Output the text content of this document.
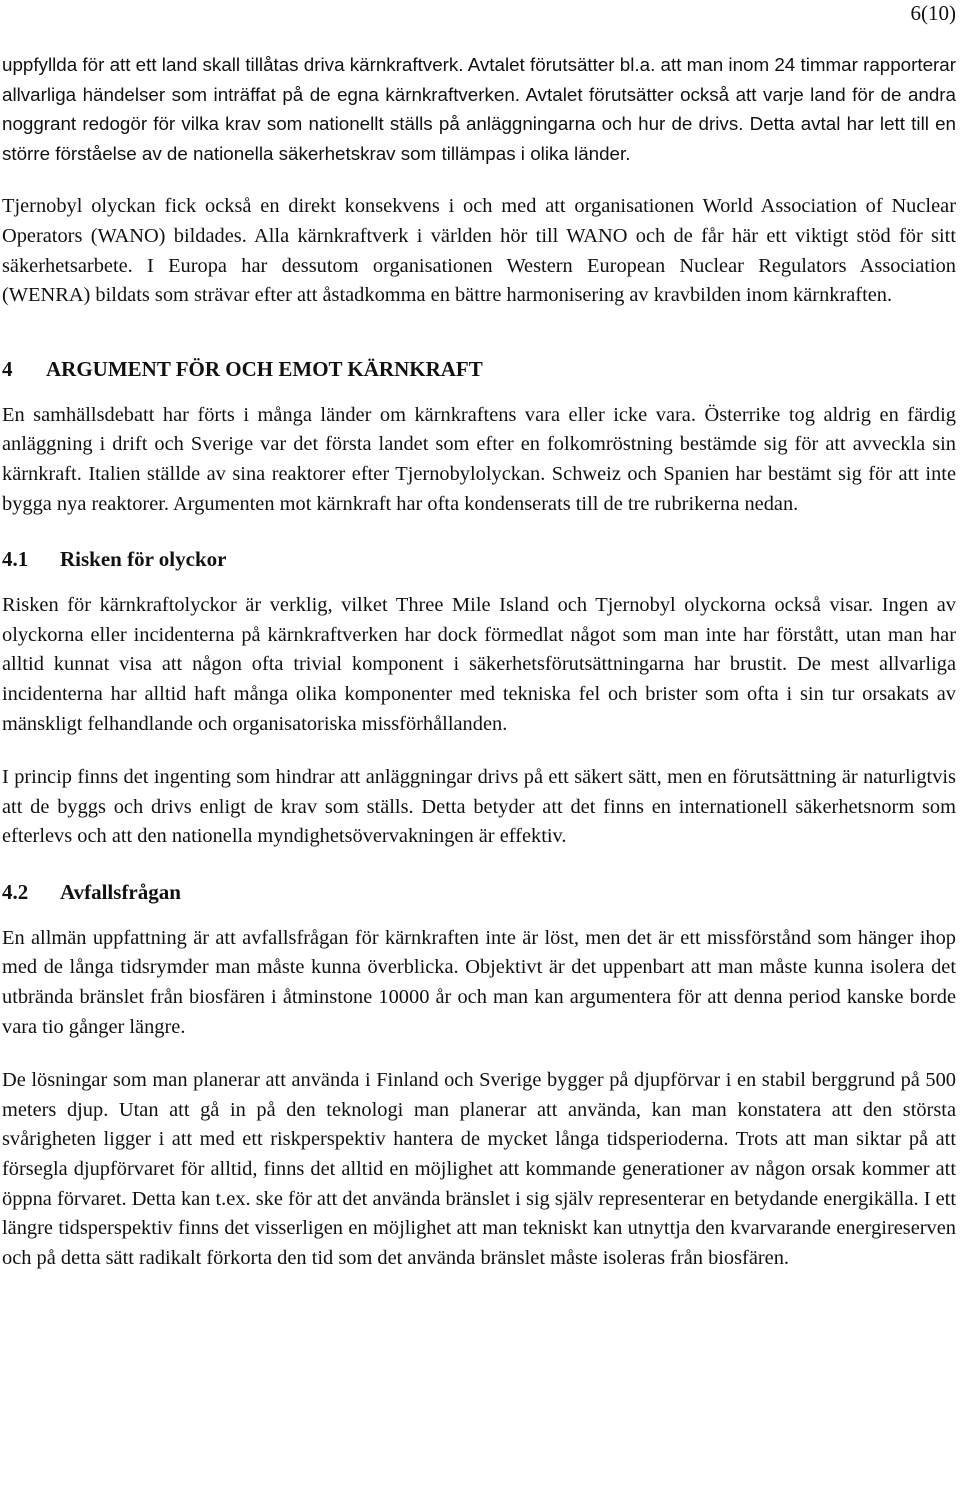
6(10)

uppfyllda för att ett land skall tillåtas driva kärnkraftverk. Avtalet förutsätter bl.a. att man inom 24 timmar rapporterar allvarliga händelser som inträffat på de egna kärnkraftverken. Avtalet förutsätter också att varje land för de andra noggrant redogör för vilka krav som nationellt ställs på anläggningarna och hur de drivs. Detta avtal har lett till en större förståelse av de nationella säkerhetskrav som tillämpas i olika länder.

Tjernobyl olyckan fick också en direkt konsekvens i och med att organisationen World Association of Nuclear Operators (WANO) bildades. Alla kärnkraftverk i världen hör till WANO och de får här ett viktigt stöd för sitt säkerhetsarbete. I Europa har dessutom organisationen Western European Nuclear Regulators Association (WENRA) bildats som strävar efter att åstadkomma en bättre harmonisering av kravbilden inom kärnkraften.

4	ARGUMENT FÖR OCH EMOT KÄRNKRAFT

En samhällsdebatt har förts i många länder om kärnkraftens vara eller icke vara. Österrike tog aldrig en färdig anläggning i drift och Sverige var det första landet som efter en folkomröstning bestämde sig för att avveckla sin kärnkraft. Italien ställde av sina reaktorer efter Tjernobylolyckan. Schweiz och Spanien har bestämt sig för att inte bygga nya reaktorer. Argumenten mot kärnkraft har ofta kondenserats till de tre rubrikerna nedan.

4.1	Risken för olyckor

Risken för kärnkraftolyckor är verklig, vilket Three Mile Island och Tjernobyl olyckorna också visar. Ingen av olyckorna eller incidenterna på kärnkraftverken har dock förmedlat något som man inte har förstått, utan man har alltid kunnat visa att någon ofta trivial komponent i säkerhetsförutsättningarna har brustit. De mest allvarliga incidenterna har alltid haft många olika komponenter med tekniska fel och brister som ofta i sin tur orsakats av mänskligt felhandlande och organisatoriska missförhållanden.

I princip finns det ingenting som hindrar att anläggningar drivs på ett säkert sätt, men en förutsättning är naturligtvis att de byggs och drivs enligt de krav som ställs. Detta betyder att det finns en internationell säkerhetsnorm som efterlevs och att den nationella myndighetsövervakningen är effektiv.

4.2	Avfallsfrågan

En allmän uppfattning är att avfallsfrågan för kärnkraften inte är löst, men det är ett missförstånd som hänger ihop med de långa tidsrymder man måste kunna överblicka. Objektivt är det uppenbart att man måste kunna isolera det utbrända bränslet från biosfären i åtminstone 10000 år och man kan argumentera för att denna period kanske borde vara tio gånger längre.

De lösningar som man planerar att använda i Finland och Sverige bygger på djupförvar i en stabil berggrund på 500 meters djup. Utan att gå in på den teknologi man planerar att använda, kan man konstatera att den största svårigheten ligger i att med ett riskperspektiv hantera de mycket långa tidsperioderna. Trots att man siktar på att försegla djupförvaret för alltid, finns det alltid en möjlighet att kommande generationer av någon orsak kommer att öppna förvaret. Detta kan t.ex. ske för att det använda bränslet i sig själv representerar en betydande energikälla. I ett längre tidsperspektiv finns det visserligen en möjlighet att man tekniskt kan utnyttja den kvarvarande energireserven och på detta sätt radikalt förkorta den tid som det använda bränslet måste isoleras från biosfären.
